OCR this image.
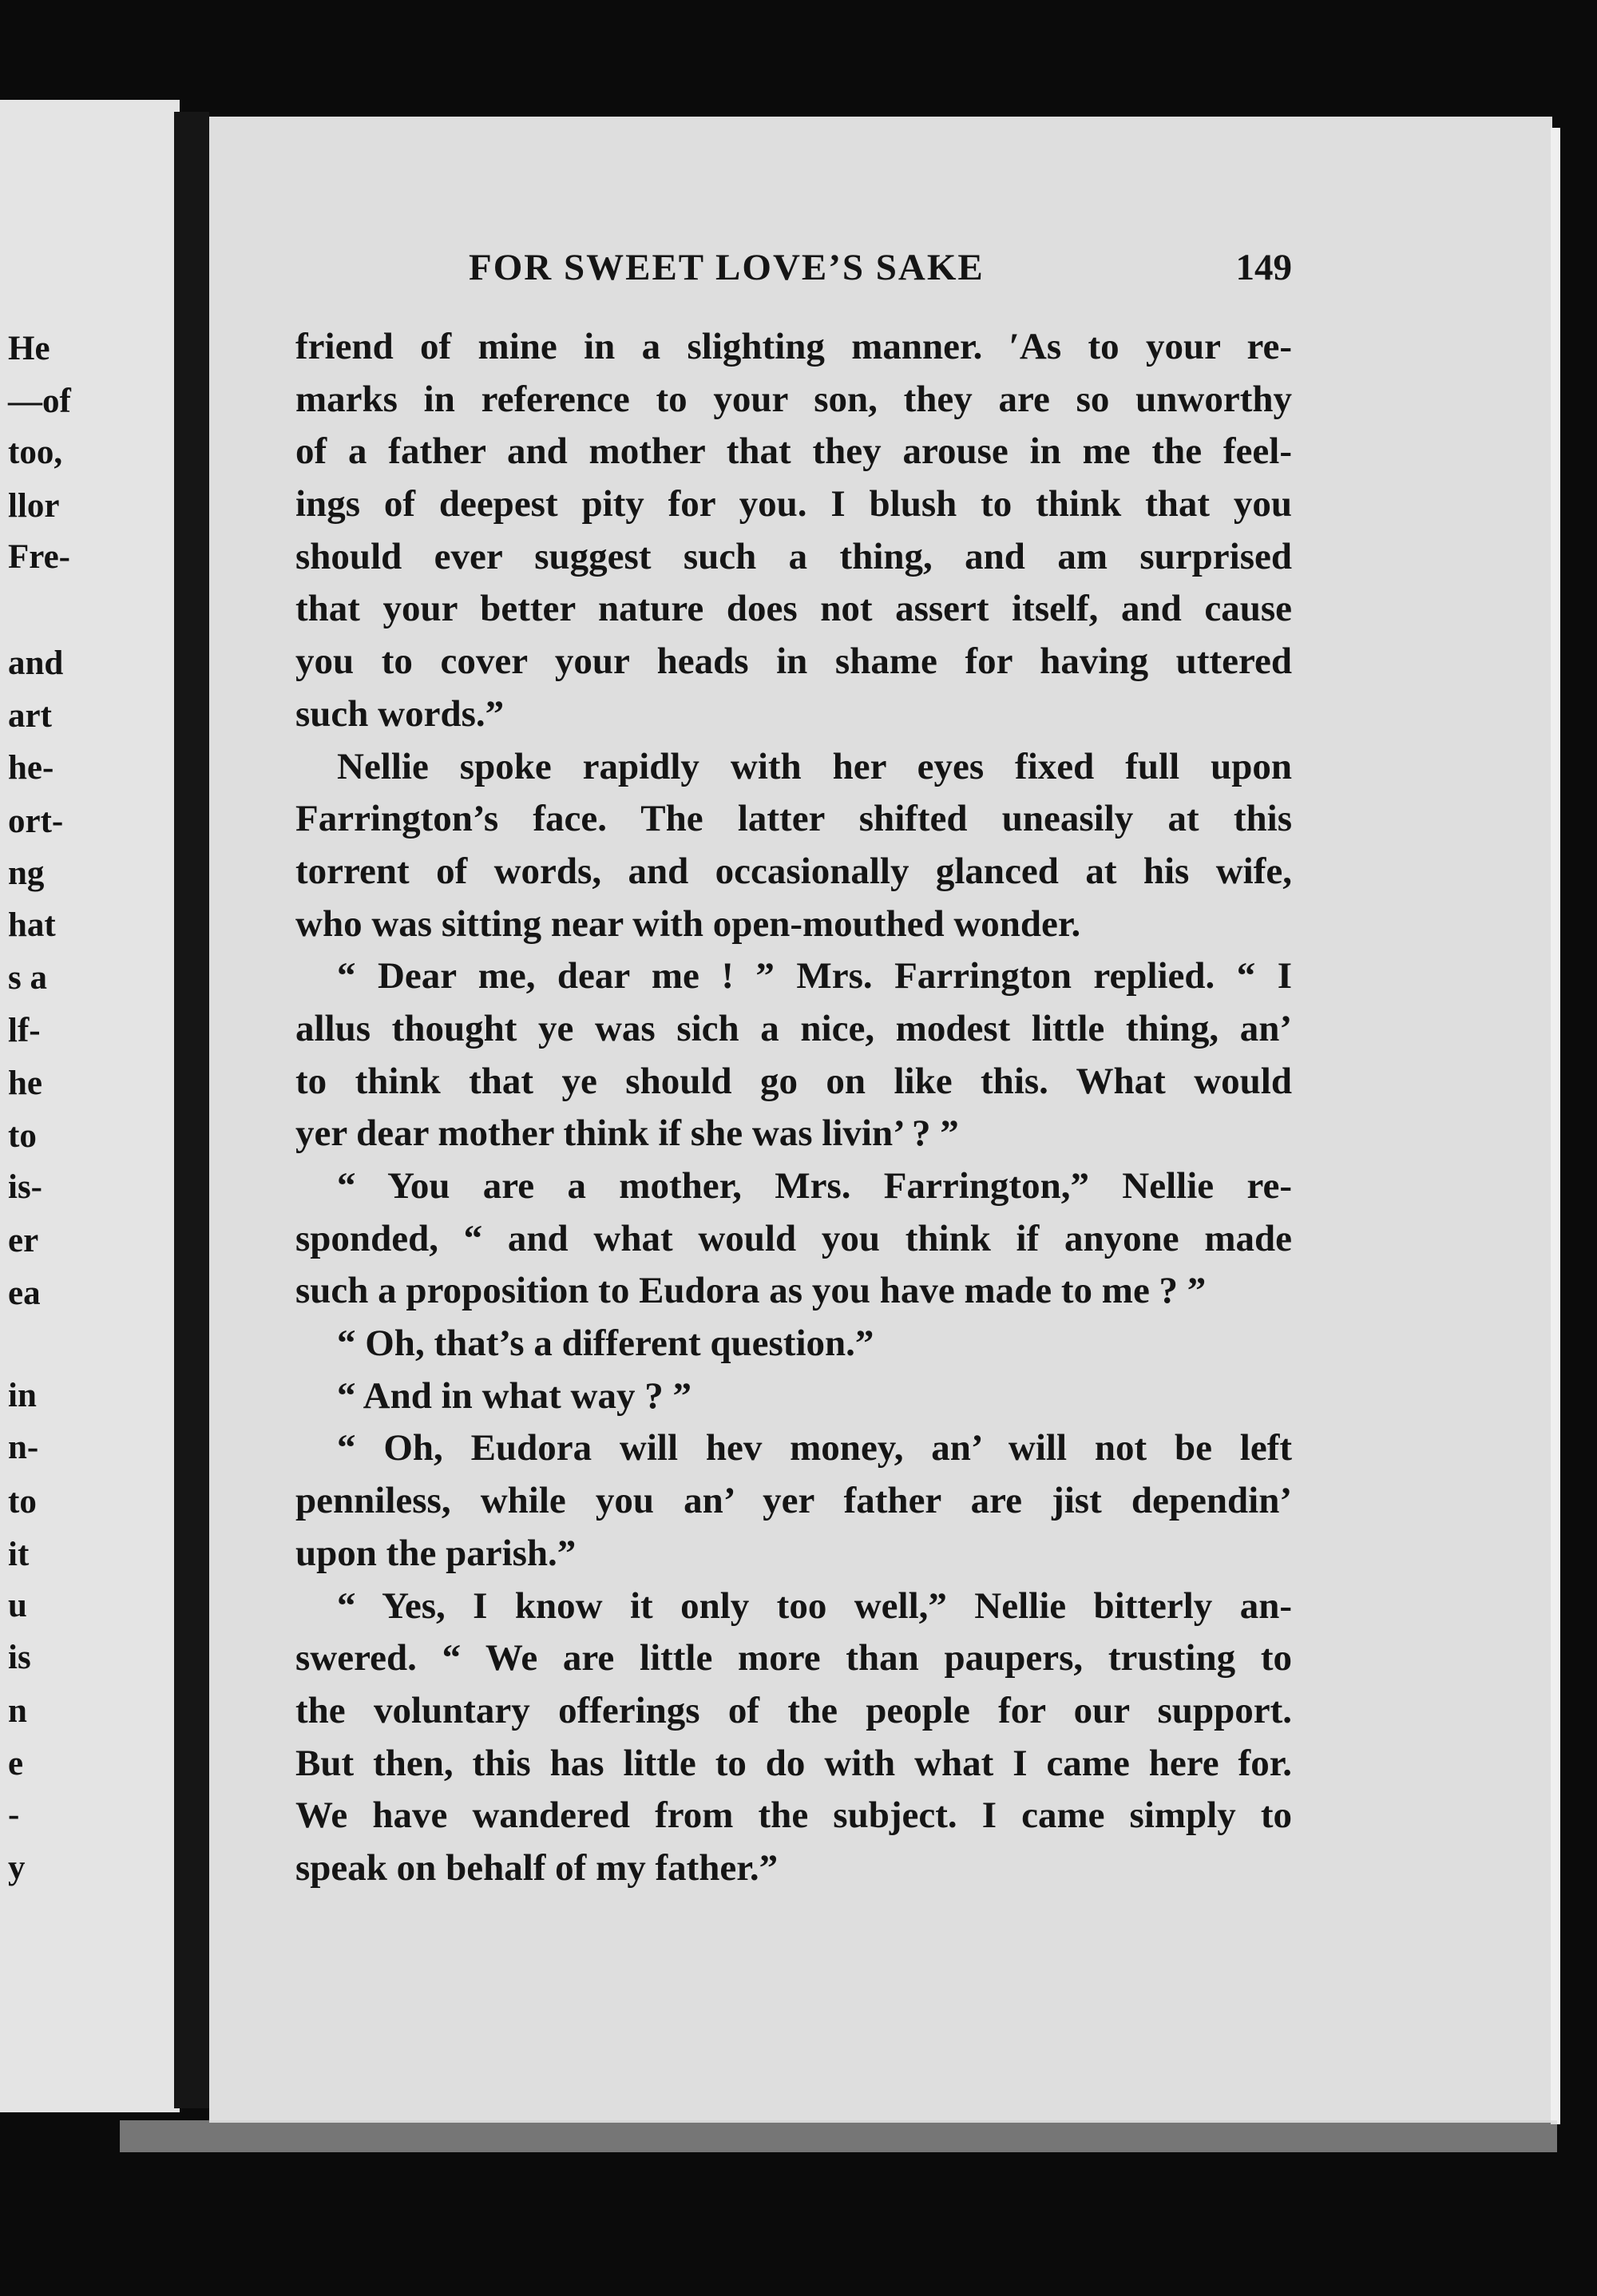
He
—of
too,
llor
Fre-
and
art
he-
ort-
ng
hat
s a
lf-
he
to
is-
er
ea
in
n-
to
it
u
is
n
e
-
y
FOR SWEET LOVE’S SAKE	149
friend of mine in a slighting manner. ʹAs to your re-
marks in reference to your son, they are so unworthy
of a father and mother that they arouse in me the feel-
ings of deepest pity for you. I blush to think that you
should ever suggest such a thing, and am surprised
that your better nature does not assert itself, and cause
you to cover your heads in shame for having uttered
such words.”
Nellie spoke rapidly with her eyes fixed full upon
Farrington’s face. The latter shifted uneasily at this
torrent of words, and occasionally glanced at his wife,
who was sitting near with open-mouthed wonder.
“ Dear me, dear me ! ” Mrs. Farrington replied. “ I
allus thought ye was sich a nice, modest little thing, an’
to think that ye should go on like this. What would
yer dear mother think if she was livin’ ? ”
“ You are a mother, Mrs. Farrington,” Nellie re-
sponded, “ and what would you think if anyone made
such a proposition to Eudora as you have made to me ? ”
“ Oh, that’s a different question.”
“ And in what way ? ”
“ Oh, Eudora will hev money, an’ will not be left
penniless, while you an’ yer father are jist dependin’
upon the parish.”
“ Yes, I know it only too well,” Nellie bitterly an-
swered. “ We are little more than paupers, trusting to
the voluntary offerings of the people for our support.
But then, this has little to do with what I came here for.
We have wandered from the subject. I came simply to
speak on behalf of my father.”
